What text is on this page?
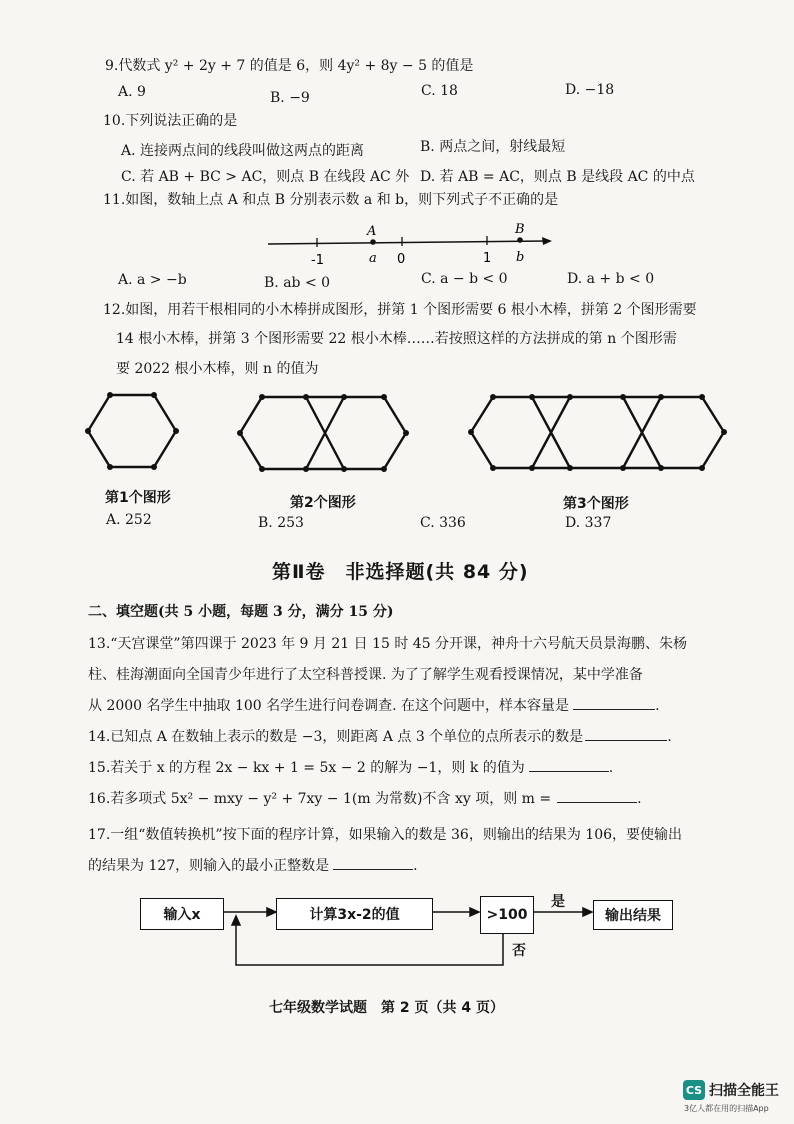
9.代数式 y² + 2y + 7 的值是 6，则 4y² + 8y − 5 的值是
A. 9	B. −9	C. 18	D. −18
10.下列说法正确的是
A. 连接两点间的线段叫做这两点的距离	B. 两点之间，射线最短
C. 若 AB + BC > AC，则点 B 在线段 AC 外 D. 若 AB = AC，则点 B 是线段 AC 的中点
11.如图，数轴上点 A 和点 B 分别表示数 a 和 b，则下列式子不正确的是
-1	0	1
A
a
B
b
A. a > −b	B. ab < 0	C. a − b < 0	D. a + b < 0
12.如图，用若干根相同的小木棒拼成图形，拼第 1 个图形需要 6 根小木棒，拼第 2 个图形需要
14 根小木棒，拼第 3 个图形需要 22 根小木棒……若按照这样的方法拼成的第 n 个图形需
要 2022 根小木棒，则 n 的值为
第1个图形	第2个图形	第3个图形
A. 252	B. 253	C. 336	D. 337
第Ⅱ卷　非选择题(共 84 分)
二、填空题(共 5 小题，每题 3 分，满分 15 分)
13.“天宫课堂”第四课于 2023 年 9 月 21 日 15 时 45 分开课，神舟十六号航天员景海鹏、朱杨
柱、桂海潮面向全国青少年进行了太空科普授课. 为了了解学生观看授课情况，某中学准备
从 2000 名学生中抽取 100 名学生进行问卷调查. 在这个问题中，样本容量是	.
14.已知点 A 在数轴上表示的数是 −3，则距离 A 点 3 个单位的点所表示的数是	.
15.若关于 x 的方程 2x − kx + 1 = 5x − 2 的解为 −1，则 k 的值为	.
16.若多项式 5x² − mxy − y² + 7xy − 1(m 为常数)不含 xy 项，则 m =	.
17.一组“数值转换机”按下面的程序计算，如果输入的数是 36，则输出的结果为 106，要使输出
的结果为 127，则输入的最小正整数是	.
输入x	计算3x-2的值	>100	输出结果
是
否
七年级数学试题　第 2 页（共 4 页）
CS 扫描全能王
3亿人都在用的扫描App
